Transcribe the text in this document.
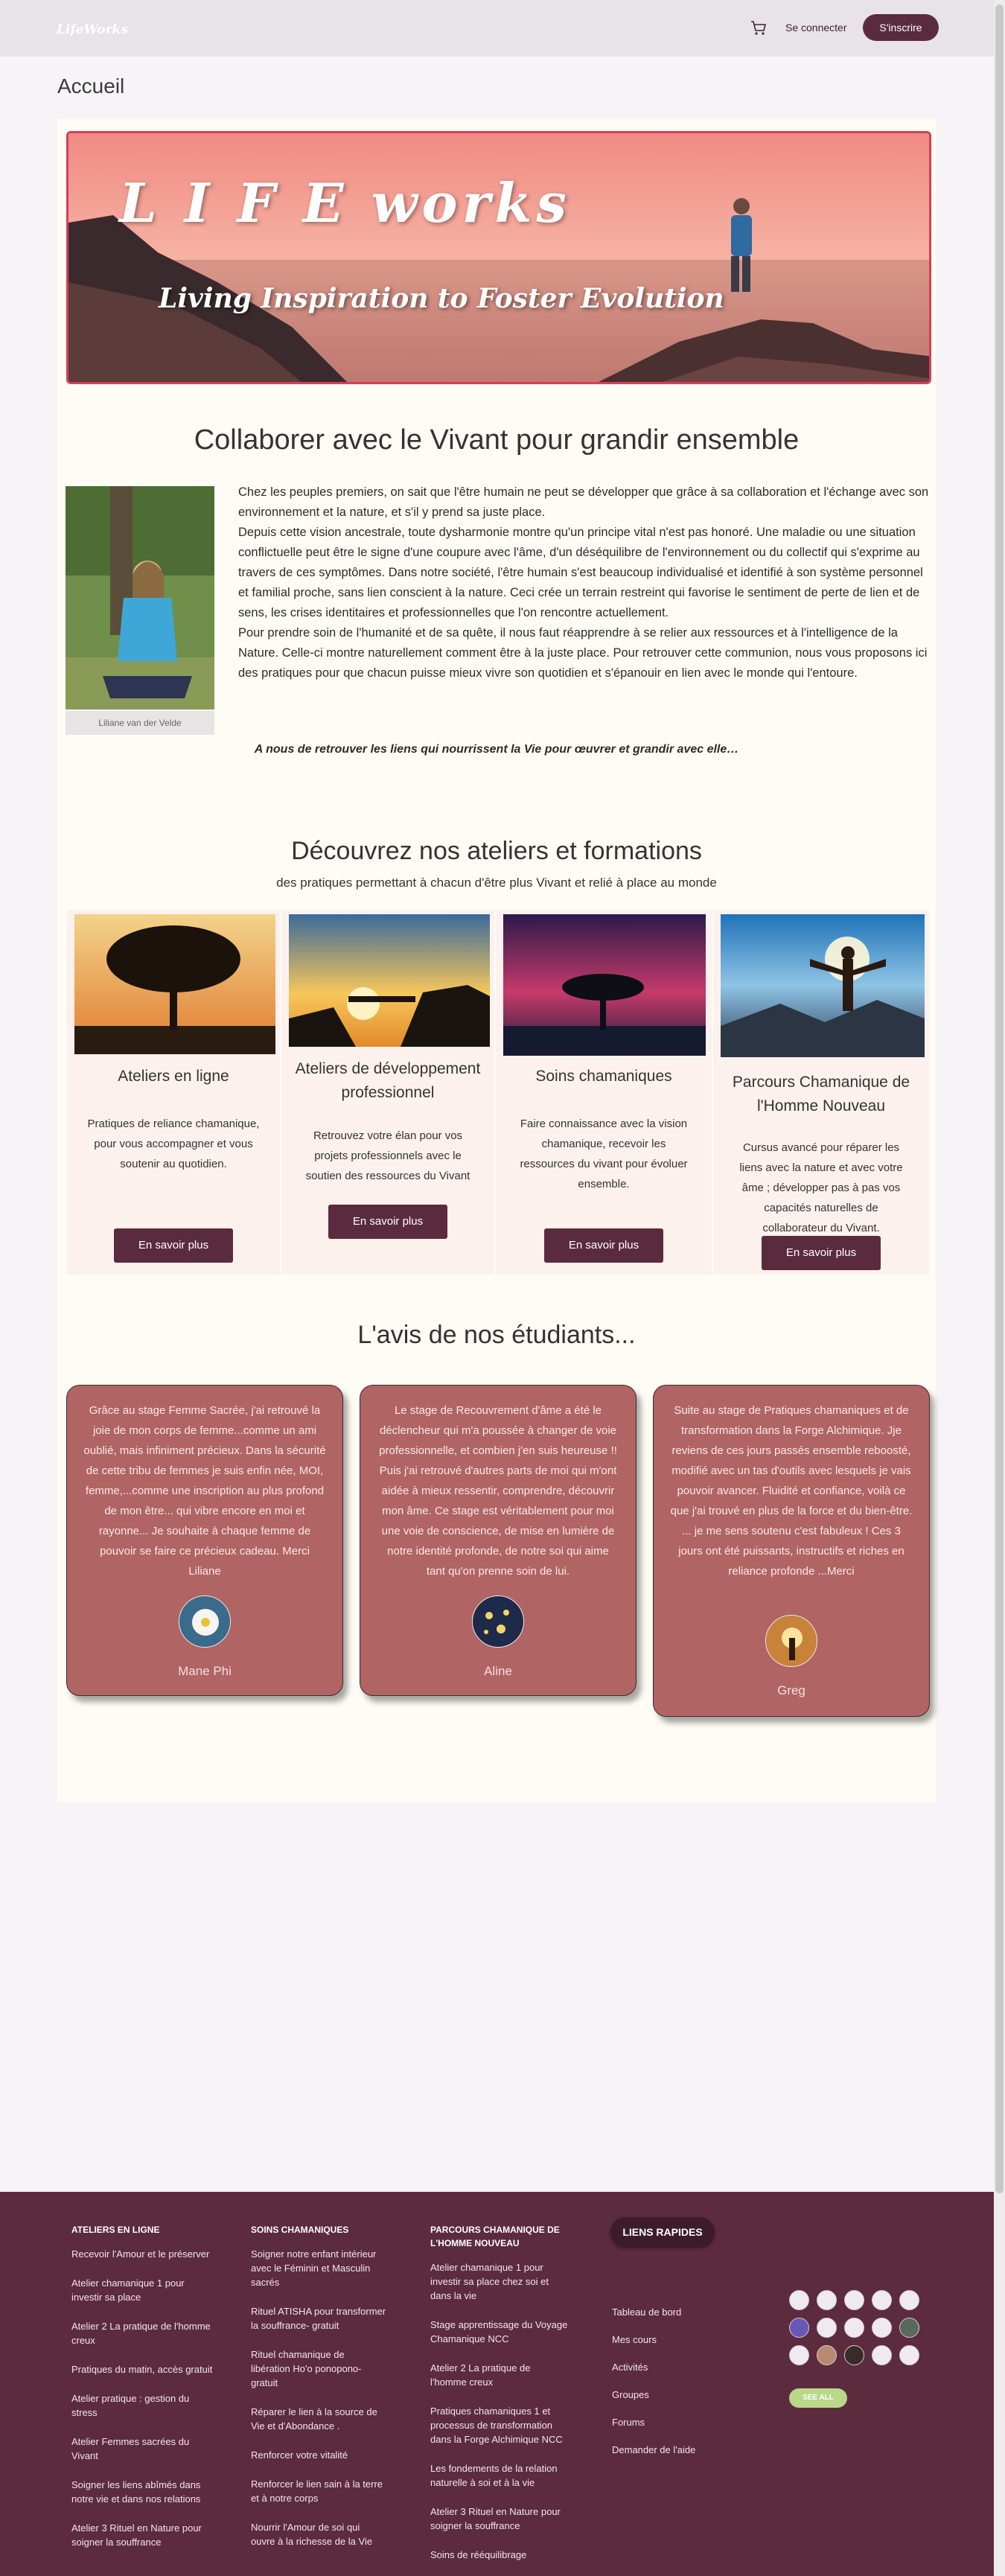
LifeWorks	Se connecter	S'inscrire
Accueil
L I F E works
Living Inspiration to Foster Evolution
Collaborer avec le Vivant pour grandir ensemble
Liliane van der Velde

Chez les peuples premiers, on sait que l'être humain ne peut se développer que grâce à sa collaboration et l'échange avec son environnement et la nature, et s'il y prend sa juste place.

Depuis cette vision ancestrale, toute dysharmonie montre qu'un principe vital n'est pas honoré. Une maladie ou une situation conflictuelle peut être le signe d'une coupure avec l'âme, d'un déséquilibre de l'environnement ou du collectif qui s'exprime au travers de ces symptômes. Dans notre société, l'être humain s'est beaucoup individualisé et identifié à son système personnel et familial proche, sans lien conscient à la nature. Ceci crée un terrain restreint qui favorise le sentiment de perte de lien et de sens, les crises identitaires et professionnelles que l'on rencontre actuellement.

Pour prendre soin de l'humanité et de sa quête, il nous faut réapprendre à se relier aux ressources et à l'intelligence de la Nature. Celle-ci montre naturellement comment être à la juste place. Pour retrouver cette communion, nous vous proposons ici des pratiques pour que chacun puisse mieux vivre son quotidien et s'épanouir en lien avec le monde qui l'entoure.

A nous de retrouver les liens qui nourrissent la Vie pour œuvrer et grandir avec elle…
Découvrez nos ateliers et formations
des pratiques permettant à chacun d'être plus Vivant et relié à place au monde
Ateliers en ligne
Pratiques de reliance chamanique, pour vous accompagner et vous soutenir au quotidien.
En savoir plus
Ateliers de développement professionnel
Retrouvez votre élan pour vos projets professionnels avec le soutien des ressources du Vivant
En savoir plus
Soins chamaniques
Faire connaissance avec la vision chamanique, recevoir les ressources du vivant pour évoluer ensemble.
En savoir plus
Parcours Chamanique de l'Homme Nouveau
Cursus avancé pour réparer les liens avec la nature et avec votre âme ; développer pas à pas vos capacités naturelles de collaborateur du Vivant.
En savoir plus
L'avis de nos étudiants...
Grâce au stage Femme Sacrée, j'ai retrouvé la joie de mon corps de femme...comme un ami oublié, mais infiniment précieux. Dans la sécurité de cette tribu de femmes je suis enfin née, MOI, femme,...comme une inscription au plus profond de mon être... qui vibre encore en moi et rayonne... Je souhaite à chaque femme de pouvoir se faire ce précieux cadeau. Merci Liliane
Mane Phi
Le stage de Recouvrement d'âme a été le déclencheur qui m'a poussée à changer de voie professionnelle, et combien j'en suis heureuse !! Puis j'ai retrouvé d'autres parts de moi qui m'ont aidée à mieux ressentir, comprendre, découvrir mon âme. Ce stage est véritablement pour moi une voie de conscience, de mise en lumière de notre identité profonde, de notre soi qui aime tant qu'on prenne soin de lui.
Aline
Suite au stage de Pratiques chamaniques et de transformation dans la Forge Alchimique. Jje reviens de ces jours passés ensemble reboosté, modifié avec un tas d'outils avec lesquels je vais pouvoir avancer. Fluidité et confiance, voilà ce que j'ai trouvé en plus de la force et du bien-être. ... je me sens soutenu c'est fabuleux ! Ces 3 jours ont été puissants, instructifs et riches en reliance profonde ...Merci
Greg
ATELIERS EN LIGNE
Recevoir l'Amour et le préserver
Atelier chamanique 1 pour investir sa place
Atelier 2 La pratique de l'homme creux
Pratiques du matin, accès gratuit
Atelier pratique : gestion du stress
Atelier Femmes sacrées du Vivant
Soigner les liens abîmés dans notre vie et dans nos relations
Atelier 3 Rituel en Nature pour soigner la souffrance
SOINS CHAMANIQUES
Soigner notre enfant intérieur avec le Féminin et Masculin sacrés
Rituel ATISHA pour transformer la souffrance- gratuit
Rituel chamanique de libération Ho'o ponopono- gratuit
Réparer le lien à la source de Vie et d'Abondance .
Renforcer votre vitalité
Renforcer le lien sain à la terre et à notre corps
Nourrir l'Amour de soi qui ouvre à la richesse de la Vie
PARCOURS CHAMANIQUE DE L'HOMME NOUVEAU
Atelier chamanique 1 pour investir sa place chez soi et dans la vie
Stage apprentissage du Voyage Chamanique NCC
Atelier 2 La pratique de l'homme creux
Pratiques chamaniques 1 et processus de transformation dans la Forge Alchimique NCC
Les fondements de la relation naturelle à soi et à la vie
Atelier 3 Rituel en Nature pour soigner la souffrance
Soins de rééquilibrage
LIENS RAPIDES
Tableau de bord
Mes cours
Activités
Groupes
Forums
Demander de l'aide
SEE ALL
